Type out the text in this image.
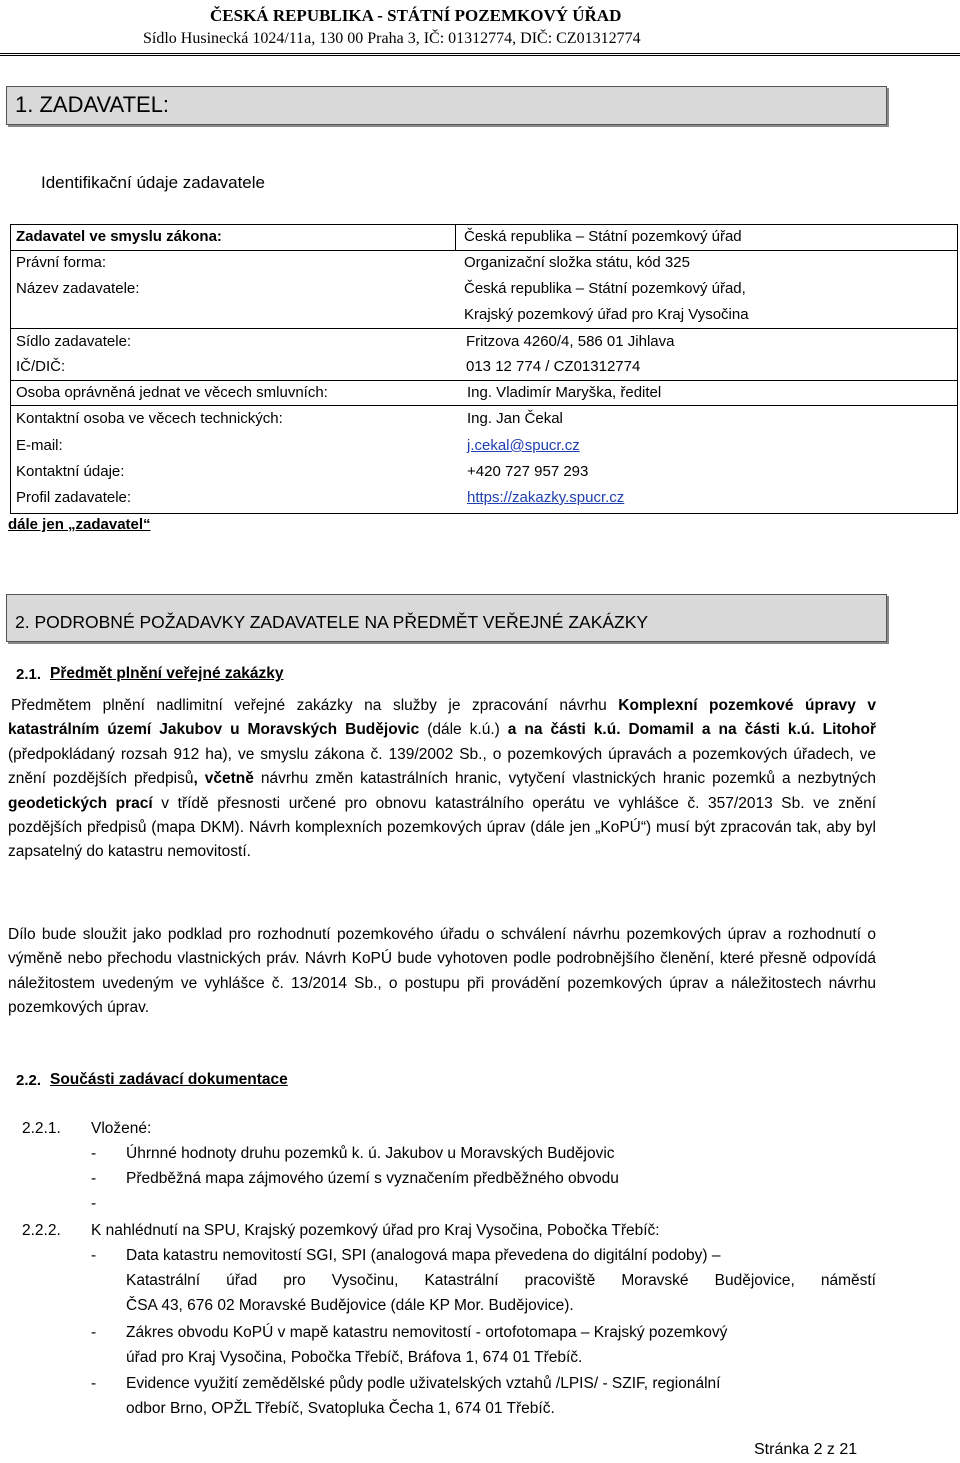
ČESKÁ REPUBLIKA - STÁTNÍ POZEMKOVÝ ÚŘAD
Sídlo Husinecká 1024/11a, 130 00 Praha 3, IČ: 01312774, DIČ: CZ01312774
1. ZADAVATEL:
Identifikační údaje zadavatele
Zadavatel ve smyslu zákona:	Česká republika – Státní pozemkový úřad
Právní forma:	Organizační složka státu, kód 325
Název zadavatele:	Česká republika – Státní pozemkový úřad,
Krajský pozemkový úřad pro Kraj Vysočina
Sídlo zadavatele:	Fritzova 4260/4, 586 01 Jihlava
IČ/DIČ:	013 12 774 / CZ01312774
Osoba oprávněná jednat ve věcech smluvních:	Ing. Vladimír Maryška, ředitel
Kontaktní osoba ve věcech technických:	Ing. Jan Čekal
E-mail:	j.cekal@spucr.cz
Kontaktní údaje:	+420 727 957 293
Profil zadavatele:	https://zakazky.spucr.cz
dále jen „zadavatel“
2. PODROBNÉ POŽADAVKY ZADAVATELE NA PŘEDMĚT VEŘEJNÉ ZAKÁZKY
2.1. Předmět plnění veřejné zakázky
Předmětem plnění nadlimitní veřejné zakázky na služby je zpracování návrhu Komplexní pozemkové úpravy v katastrálním území Jakubov u Moravských Budějovic (dále k.ú.) a na části k.ú. Domamil a na části k.ú. Litohoř (předpokládaný rozsah 912 ha), ve smyslu zákona č. 139/2002 Sb., o pozemkových úpravách a pozemkových úřadech, ve znění pozdějších předpisů, včetně návrhu změn katastrálních hranic, vytyčení vlastnických hranic pozemků a nezbytných geodetických prací v třídě přesnosti určené pro obnovu katastrálního operátu ve vyhlášce č. 357/2013 Sb. ve znění pozdějších předpisů (mapa DKM). Návrh komplexních pozemkových úprav (dále jen „KoPÚ“) musí být zpracován tak, aby byl zapsatelný do katastru nemovitostí.
Dílo bude sloužit jako podklad pro rozhodnutí pozemkového úřadu o schválení návrhu pozemkových úprav a rozhodnutí o výměně nebo přechodu vlastnických práv. Návrh KoPÚ bude vyhotoven podle podrobnějšího členění, které přesně odpovídá náležitostem uvedeným ve vyhlášce č. 13/2014 Sb., o postupu při provádění pozemkových úprav a náležitostech návrhu pozemkových úprav.
2.2. Součásti zadávací dokumentace
2.2.1. Vložené:
- Úhrnné hodnoty druhu pozemků k. ú. Jakubov u Moravských Budějovic
- Předběžná mapa zájmového území s vyznačením předběžného obvodu
-
2.2.2. K nahlédnutí na SPU, Krajský pozemkový úřad pro Kraj Vysočina, Pobočka Třebíč:
- Data katastru nemovitostí SGI, SPI (analogová mapa převedena do digitální podoby) –
Katastrální úřad pro Vysočinu, Katastrální pracoviště Moravské Budějovice, náměstí
ČSA 43, 676 02 Moravské Budějovice (dále KP Mor. Budějovice).
- Zákres obvodu KoPÚ v mapě katastru nemovitostí - ortofotomapa – Krajský pozemkový
úřad pro Kraj Vysočina, Pobočka Třebíč, Bráfova 1, 674 01 Třebíč.
- Evidence využití zemědělské půdy podle uživatelských vztahů /LPIS/ - SZIF, regionální
odbor Brno, OPŽL Třebíč, Svatopluka Čecha 1, 674 01 Třebíč.
Stránka 2 z 21
